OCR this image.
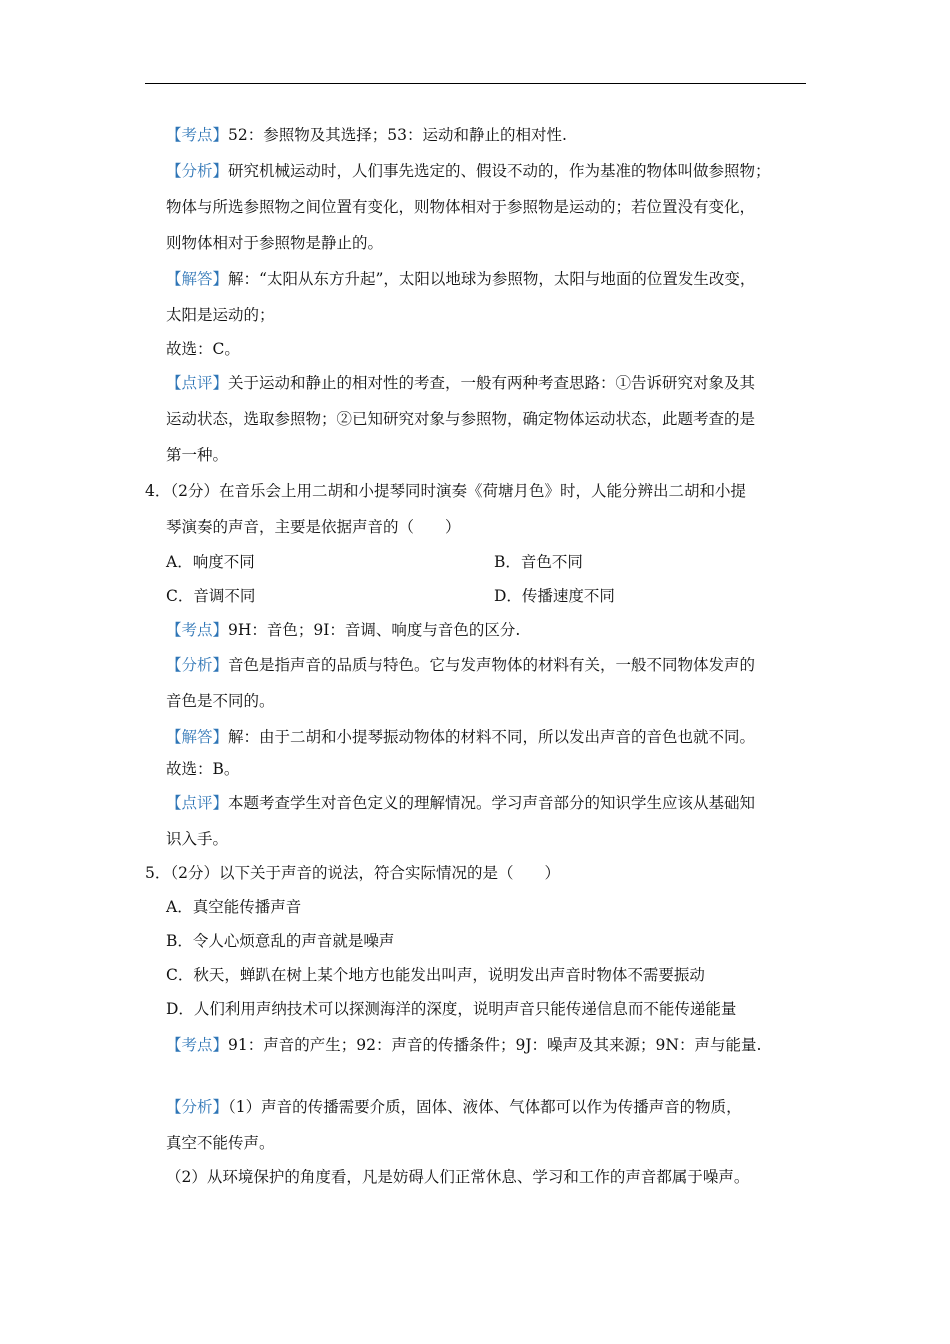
【考点】52：参照物及其选择；53：运动和静止的相对性.
【分析】研究机械运动时，人们事先选定的、假设不动的，作为基准的物体叫做参照物；
物体与所选参照物之间位置有变化，则物体相对于参照物是运动的；若位置没有变化，
则物体相对于参照物是静止的。
【解答】解：“太阳从东方升起”，太阳以地球为参照物，太阳与地面的位置发生改变，
太阳是运动的；
故选：C。
【点评】关于运动和静止的相对性的考查，一般有两种考查思路：①告诉研究对象及其
运动状态，选取参照物；②已知研究对象与参照物，确定物体运动状态，此题考查的是
第一种。
4．（2分）在音乐会上用二胡和小提琴同时演奏《荷塘月色》时，人能分辨出二胡和小提
琴演奏的声音，主要是依据声音的（　　）
A．响度不同	B．音色不同
C．音调不同	D．传播速度不同
【考点】9H：音色；9I：音调、响度与音色的区分.
【分析】音色是指声音的品质与特色。它与发声物体的材料有关，一般不同物体发声的
音色是不同的。
【解答】解：由于二胡和小提琴振动物体的材料不同，所以发出声音的音色也就不同。
故选：B。
【点评】本题考查学生对音色定义的理解情况。学习声音部分的知识学生应该从基础知
识入手。
5．（2分）以下关于声音的说法，符合实际情况的是（　　）
A．真空能传播声音
B．令人心烦意乱的声音就是噪声
C．秋天，蝉趴在树上某个地方也能发出叫声，说明发出声音时物体不需要振动
D．人们利用声纳技术可以探测海洋的深度，说明声音只能传递信息而不能传递能量
【考点】91：声音的产生；92：声音的传播条件；9J：噪声及其来源；9N：声与能量.
【分析】（1）声音的传播需要介质，固体、液体、气体都可以作为传播声音的物质，
真空不能传声。
（2）从环境保护的角度看，凡是妨碍人们正常休息、学习和工作的声音都属于噪声。
